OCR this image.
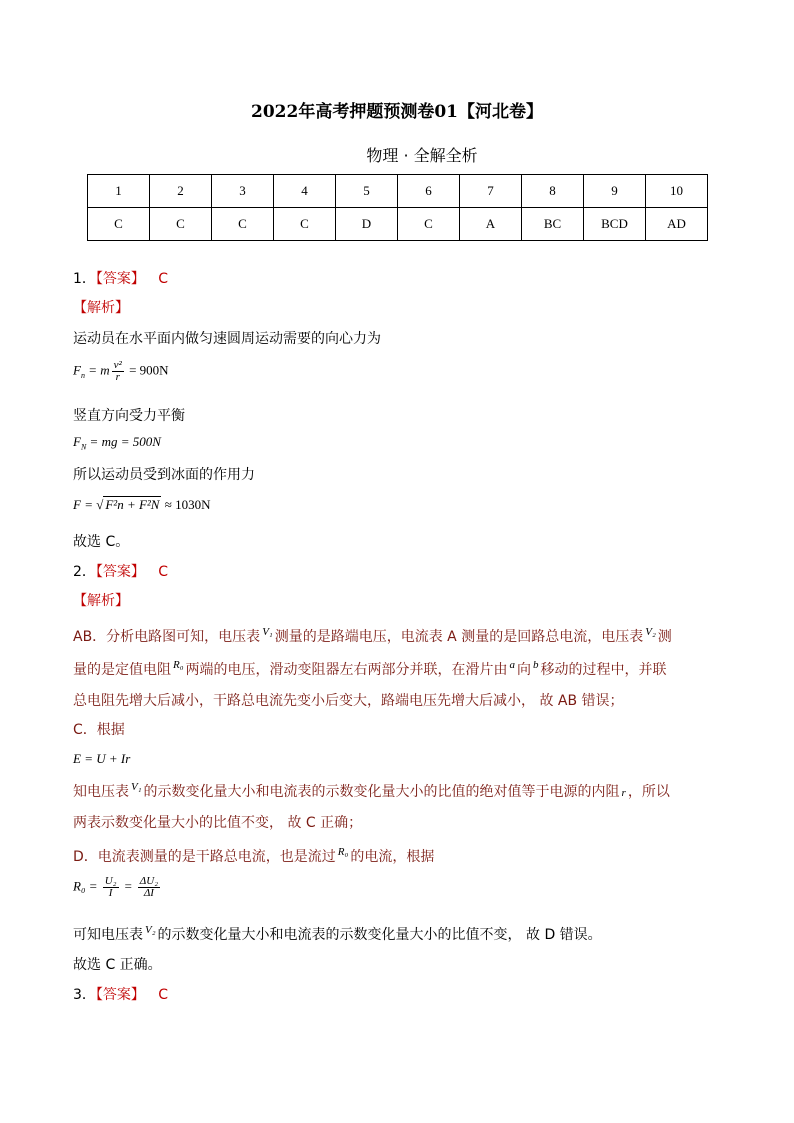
2022年高考押题预测卷01【河北卷】
物理 · 全解全析
1	2	3	4	5	6	7	8	9	10
C	C	C	C	D	C	A	BC	BCD	AD
1．【答案】 C
【解析】
运动员在水平面内做匀速圆周运动需要的向心力为
$F_n = m \frac{\text{v²}}{r} = 900N$
竖直方向受力平衡
$F_N$ = mg = 500N
所以运动员受到冰面的作用力
F = √ F²n + F²N ≈ 1030N
故选 C。
2．【答案】 C
【解析】
AB．分析电路图可知，电压表 $^{V_1}$ 测量的是路端电压，电流表 A 测量的是回路总电流，电压表 $^{V_2}$ 测
量的是定值电阻 $^{R_0}$ 两端的电压，滑动变阻器左右两部分并联，在滑片由 $^a$ 向 $^b$ 移动的过程中，并联
总电阻先增大后减小，干路总电流先变小后变大，路端电压先增大后减小， 故 AB 错误；
C．根据
E = U + Ir
知电压表 $^{V_1}$ 的示数变化量大小和电流表的示数变化量大小的比值的绝对值等于电源的内阻 r ，所以
两表示数变化量大小的比值不变， 故 C 正确；
D．电流表测量的是干路总电流，也是流过 $^{R_0}$ 的电流，根据
$R_0 = \frac{\text{U₂}}{I} = \frac{\text{ΔU₂}}{\Delta I}$
可知电压表 $^{V_2}$ 的示数变化量大小和电流表的示数变化量大小的比值不变， 故 D 错误。
故选 C 正确。
3．【答案】 C
